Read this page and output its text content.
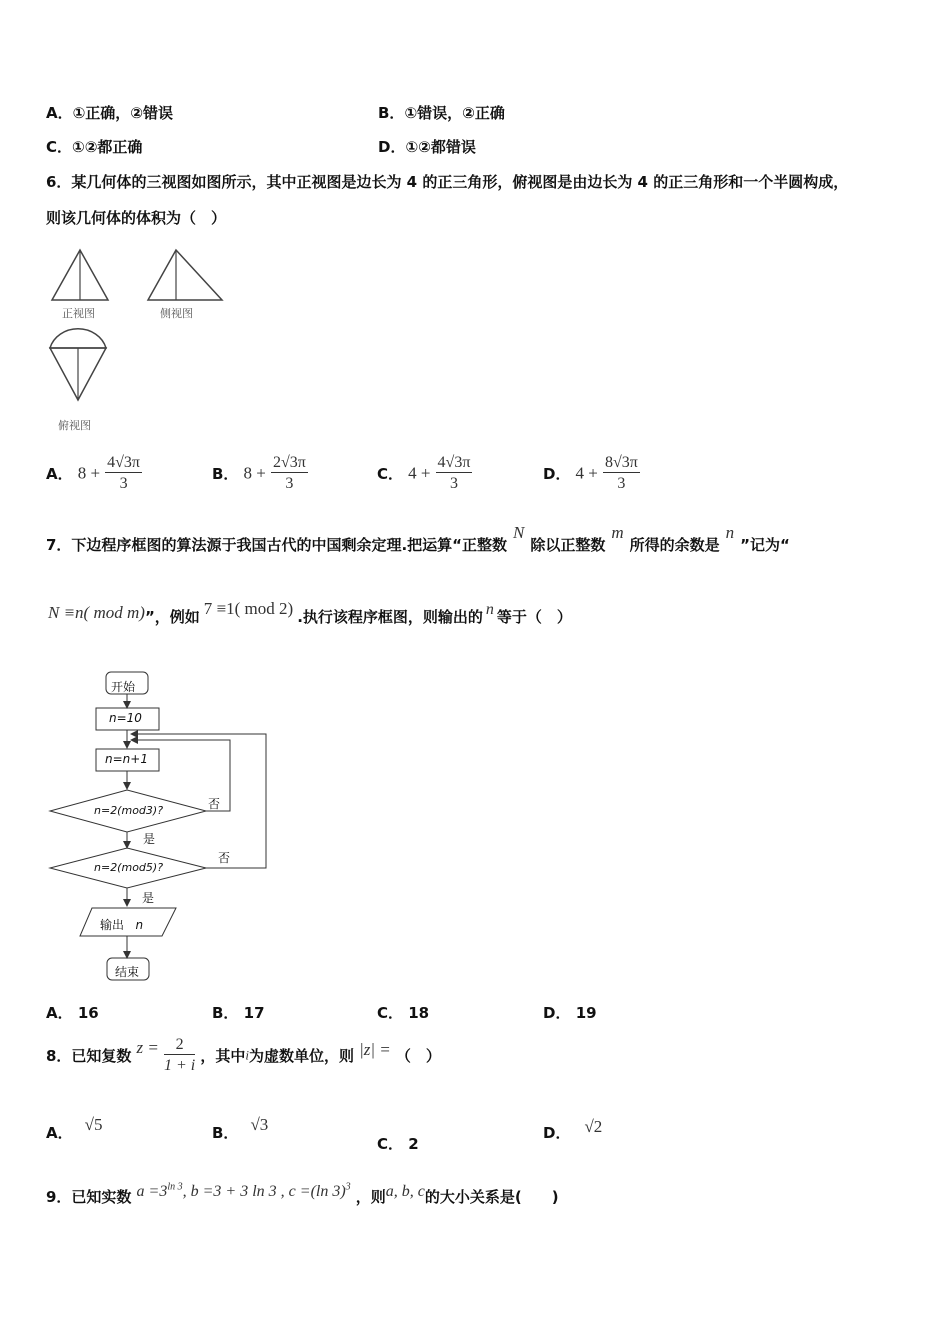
A．①正确，②错误	B．①错误，②正确
C．①②都正确	D．①②都错误
6．某几何体的三视图如图所示，其中正视图是边长为 4 的正三角形，俯视图是由边长为 4 的正三角形和一个半圆构成，
则该几何体的体积为（　）
正视图	侧视图
俯视图
A． $8 + \frac{4√3\pi}{3}$	B． $8 + \frac{2√3\pi}{3}$	C． $4 + \frac{4√3\pi}{3}$	D． $4 + \frac{8√3\pi}{3}$
7．下边程序框图的算法源于我国古代的中国剩余定理.把运算“正整数N除以正整数m所得的余数是n”记为“
N ≡n( mod m)”，例如 7 ≡1( mod 2) .执行该程序框图，则输出的 n 等于（　）
开始
n=10
n=n+1
n=2(mod3)?
n=2(mod5)?
否
否
是
是
输出 n
结束
A． 16	B． 17	C． 18	D． 19
8．已知复数 $z = \frac{2}{1 + i}$ ，其中i为虚数单位，则 |z| = （　）
A． √5	B． √3
C． 2
D． √2
9．已知实数 $a =3^{ln 3}$, b =3 + 3 ln 3 , c =(ln 3)$^3$ ，则a, b, c的大小关系是(　　)
